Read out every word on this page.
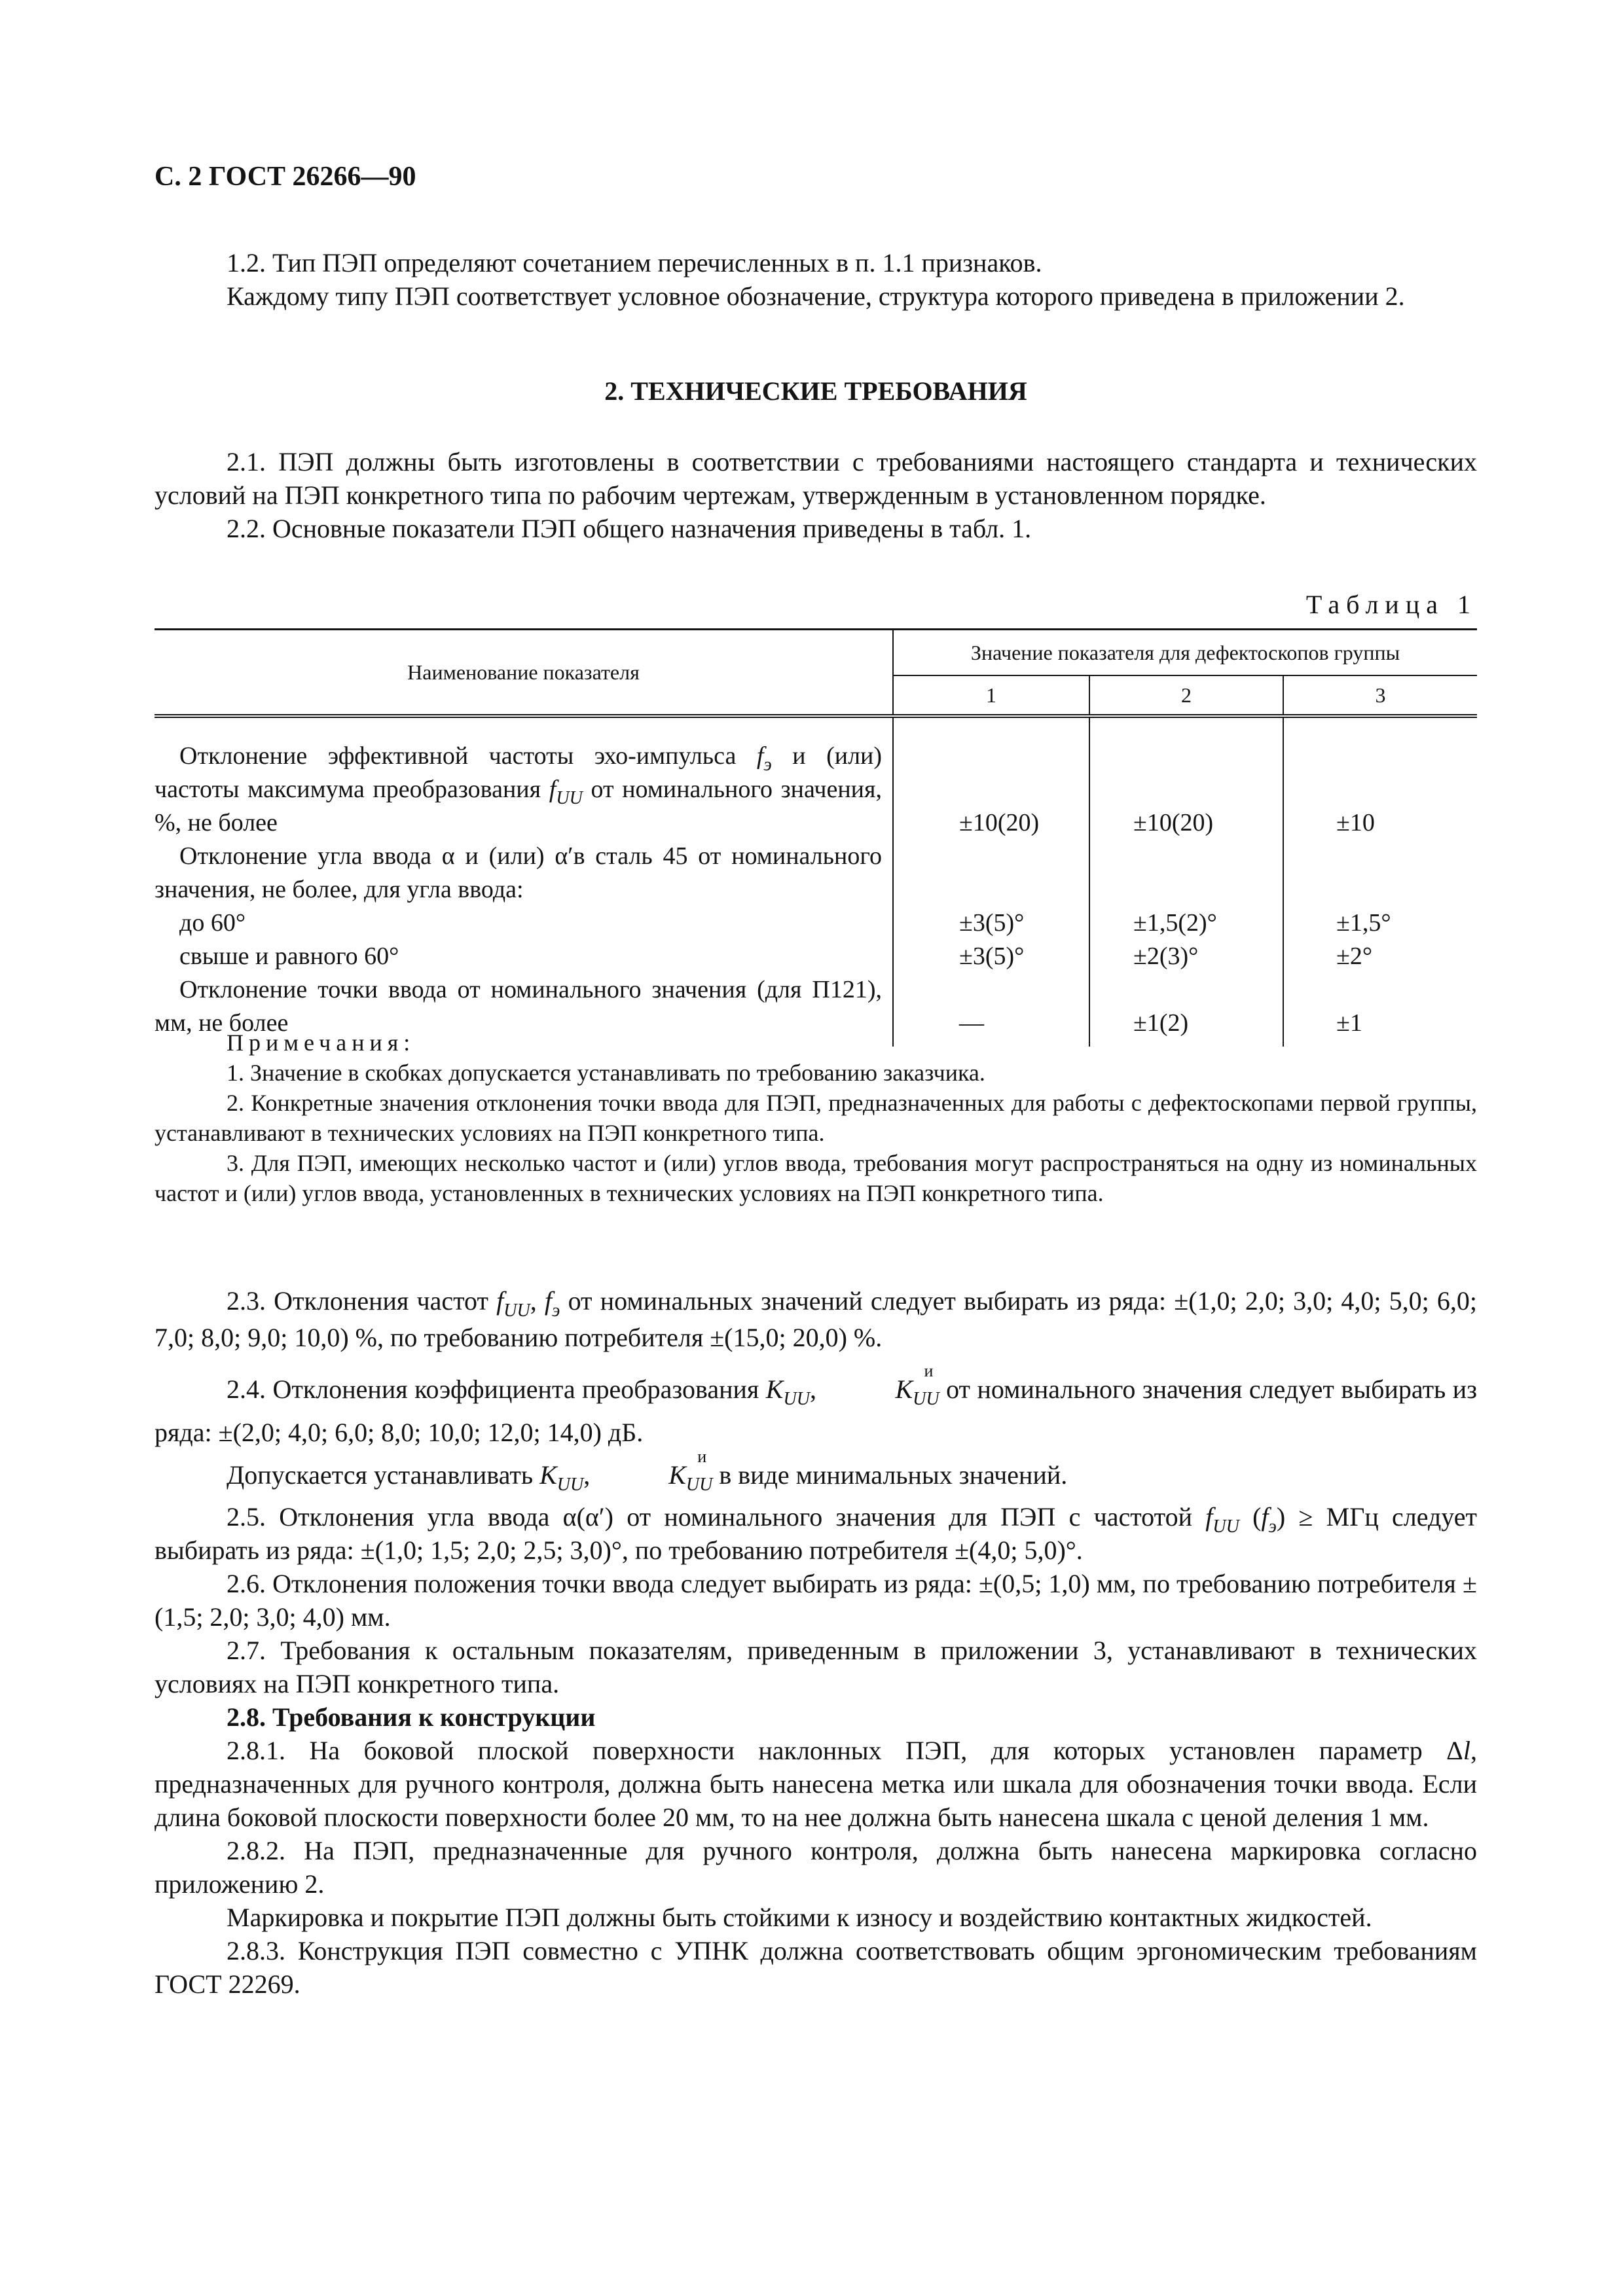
С. 2 ГОСТ 26266—90

1.2. Тип ПЭП определяют сочетанием перечисленных в п. 1.1 признаков.

Каждому типу ПЭП соответствует условное обозначение, структура которого приведена в приложении 2.

2. ТЕХНИЧЕСКИЕ ТРЕБОВАНИЯ

2.1. ПЭП должны быть изготовлены в соответствии с требованиями настоящего стандарта и технических условий на ПЭП конкретного типа по рабочим чертежам, утвержденным в установленном порядке.

2.2. Основные показатели ПЭП общего назначения приведены в табл. 1.

Таблица 1
Наименование показателя	Значение показателя для дефектоскопов группы		
	1	2	3

Отклонение эффективной частоты эхо-импульса $f_э$ и (или) частоты максимума преобразования $f_{UU}$ от номинального значения, %, не более	±10(20)	±10(20)	±10

Отклонение угла ввода α и (или) α′в сталь 45 от номинального значения, не более, для угла ввода:			

до 60°	±3(5)°	±1,5(2)°	±1,5°
свыше и равного 60°	±3(5)°	±2(3)°	±2°

Отклонение точки ввода от номинального значения (для П121), мм, не более	—	±1(2)	±1

Примечания:

1. Значение в скобках допускается устанавливать по требованию заказчика.

2. Конкретные значения отклонения точки ввода для ПЭП, предназначенных для работы с дефектоскопами первой группы, устанавливают в технических условиях на ПЭП конкретного типа.

3. Для ПЭП, имеющих несколько частот и (или) углов ввода, требования могут распространяться на одну из номинальных частот и (или) углов ввода, установленных в технических условиях на ПЭП конкретного типа.

2.3. Отклонения частот $f_{UU}$, $f_э$ от номинальных значений следует выбирать из ряда: ±(1,0; 2,0; 3,0; 4,0; 5,0; 6,0; 7,0; 8,0; 9,0; 10,0) %, по требованию потребителя ±(15,0; 20,0) %.

2.4. Отклонения коэффициента преобразования $K_{UU}$,	K
и
$_{UU}$ от номинального значения следует выбирать из ряда: ±(2,0; 4,0; 6,0; 8,0; 10,0; 12,0; 14,0) дБ.

Допускается устанавливать $K_{UU}$,	K
и
$_{UU}$ в виде минимальных значений.

2.5. Отклонения угла ввода α(α′) от номинального значения для ПЭП с частотой $f_{UU}$ $(f_э)$ ≥ МГц следует выбирать из ряда: ±(1,0; 1,5; 2,0; 2,5; 3,0)°, по требованию потребителя ±(4,0; 5,0)°.

2.6. Отклонения положения точки ввода следует выбирать из ряда: ±(0,5; 1,0) мм, по требованию потребителя ±(1,5; 2,0; 3,0; 4,0) мм.

2.7. Требования к остальным показателям, приведенным в приложении 3, устанавливают в технических условиях на ПЭП конкретного типа.

2.8. Требования к конструкции

2.8.1. На боковой плоской поверхности наклонных ПЭП, для которых установлен параметр Δl, предназначенных для ручного контроля, должна быть нанесена метка или шкала для обозначения точки ввода. Если длина боковой плоскости поверхности более 20 мм, то на нее должна быть нанесена шкала с ценой деления 1 мм.

2.8.2. На ПЭП, предназначенные для ручного контроля, должна быть нанесена маркировка согласно приложению 2.

Маркировка и покрытие ПЭП должны быть стойкими к износу и воздействию контактных жидкостей.

2.8.3. Конструкция ПЭП совместно с УПНК должна соответствовать общим эргономическим требованиям ГОСТ 22269.
